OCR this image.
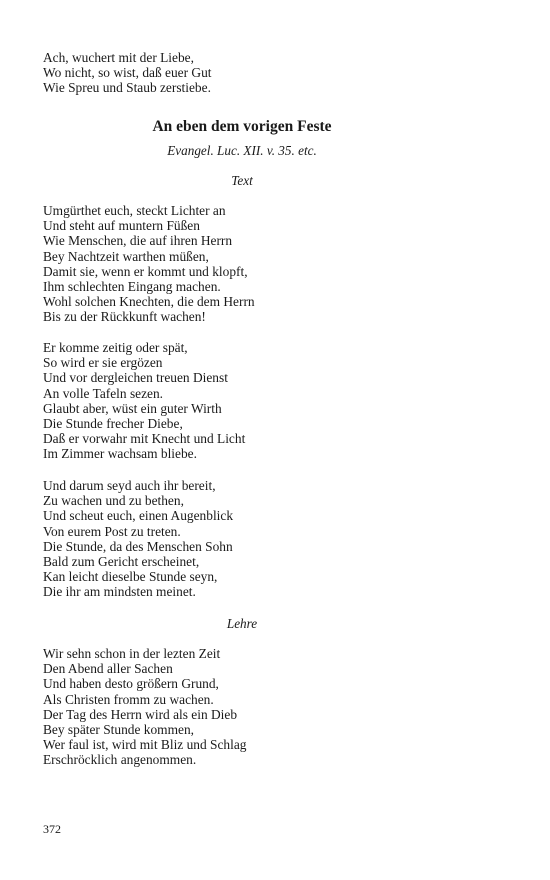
Ach, wuchert mit der Liebe,
Wo nicht, so wist, daß euer Gut
Wie Spreu und Staub zerstiebe.
An eben dem vorigen Feste
Evangel. Luc. XII. v. 35. etc.
Text
Umgürthet euch, steckt Lichter an
Und steht auf muntern Füßen
Wie Menschen, die auf ihren Herrn
Bey Nachtzeit warthen müßen,
Damit sie, wenn er kommt und klopft,
Ihm schlechten Eingang machen.
Wohl solchen Knechten, die dem Herrn
Bis zu der Rückkunft wachen!
Er komme zeitig oder spät,
So wird er sie ergözen
Und vor dergleichen treuen Dienst
An volle Tafeln sezen.
Glaubt aber, wüst ein guter Wirth
Die Stunde frecher Diebe,
Daß er vorwahr mit Knecht und Licht
Im Zimmer wachsam bliebe.
Und darum seyd auch ihr bereit,
Zu wachen und zu bethen,
Und scheut euch, einen Augenblick
Von eurem Post zu treten.
Die Stunde, da des Menschen Sohn
Bald zum Gericht erscheinet,
Kan leicht dieselbe Stunde seyn,
Die ihr am mindsten meinet.
Lehre
Wir sehn schon in der lezten Zeit
Den Abend aller Sachen
Und haben desto größern Grund,
Als Christen fromm zu wachen.
Der Tag des Herrn wird als ein Dieb
Bey später Stunde kommen,
Wer faul ist, wird mit Bliz und Schlag
Erschröcklich angenommen.
372
